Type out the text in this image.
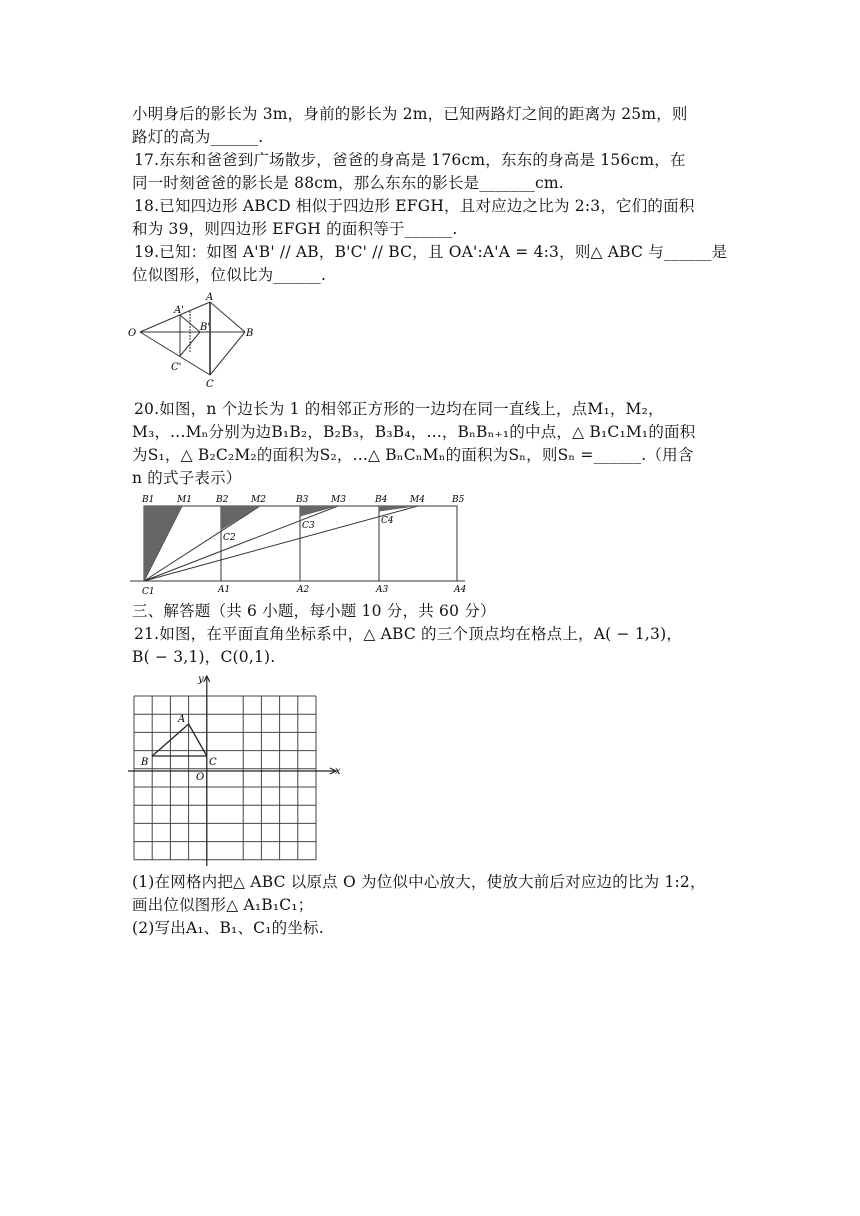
小明身后的影长为 3m，身前的影长为 2m，已知两路灯之间的距离为 25m，则
路灯的高为______.
17.东东和爸爸到广场散步，爸爸的身高是 176cm，东东的身高是 156cm，在
同一时刻爸爸的影长是 88cm，那么东东的影长是_______cm.
18.已知四边形 ABCD 相似于四边形 EFGH，且对应边之比为 2:3，它们的面积
和为 39，则四边形 EFGH 的面积等于______.
19.已知：如图 A'B' // AB，B'C' // BC，且 OA':A'A = 4:3，则△ ABC 与______是
位似图形，位似比为______.
O
A
A'
B'
B
C'
C
20.如图，n 个边长为 1 的相邻正方形的一边均在同一直线上，点M₁，M₂，
M₃，...Mₙ分别为边B₁B₂，B₂B₃，B₃B₄，...，BₙBₙ₊₁的中点，△ B₁C₁M₁的面积
为S₁，△ B₂C₂M₂的面积为S₂，...△ BₙCₙMₙ的面积为Sₙ，则Sₙ =______.（用含
n 的式子表示）
B1	M1	B2	M2	B3	M3	B4	M4	B5
C2
C3	C4
C1	A1	A2	A3	A4
三、解答题（共 6 小题，每小题 10 分，共 60 分）
21.如图，在平面直角坐标系中，△ ABC 的三个顶点均在格点上，A( − 1,3)，
B( − 3,1)，C(0,1).
y
x
O
A
B	C
(1)在网格内把△ ABC 以原点 O 为位似中心放大，使放大前后对应边的比为 1:2，
画出位似图形△ A₁B₁C₁；
(2)写出A₁、B₁、C₁的坐标.
